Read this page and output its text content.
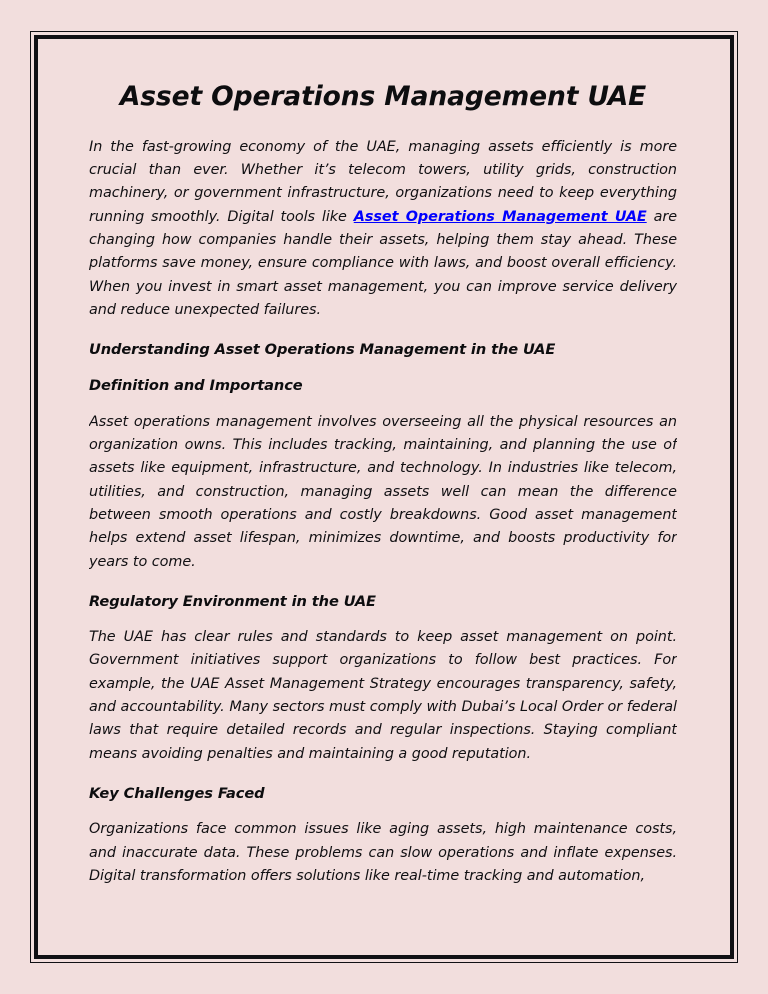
Asset Operations Management UAE

In the fast-growing economy of the UAE, managing assets efficiently is more crucial than ever. Whether it’s telecom towers, utility grids, construction machinery, or government infrastructure, organizations need to keep everything running smoothly. Digital tools like Asset Operations Management UAE are changing how companies handle their assets, helping them stay ahead. These platforms save money, ensure compliance with laws, and boost overall efficiency. When you invest in smart asset management, you can improve service delivery and reduce unexpected failures.

Understanding Asset Operations Management in the UAE
Definition and Importance

Asset operations management involves overseeing all the physical resources an organization owns. This includes tracking, maintaining, and planning the use of assets like equipment, infrastructure, and technology. In industries like telecom, utilities, and construction, managing assets well can mean the difference between smooth operations and costly breakdowns. Good asset management helps extend asset lifespan, minimizes downtime, and boosts productivity for years to come.

Regulatory Environment in the UAE

The UAE has clear rules and standards to keep asset management on point. Government initiatives support organizations to follow best practices. For example, the UAE Asset Management Strategy encourages transparency, safety, and accountability. Many sectors must comply with Dubai’s Local Order or federal laws that require detailed records and regular inspections. Staying compliant means avoiding penalties and maintaining a good reputation.

Key Challenges Faced

Organizations face common issues like aging assets, high maintenance costs, and inaccurate data. These problems can slow operations and inflate expenses. Digital transformation offers solutions like real-time tracking and automation,
